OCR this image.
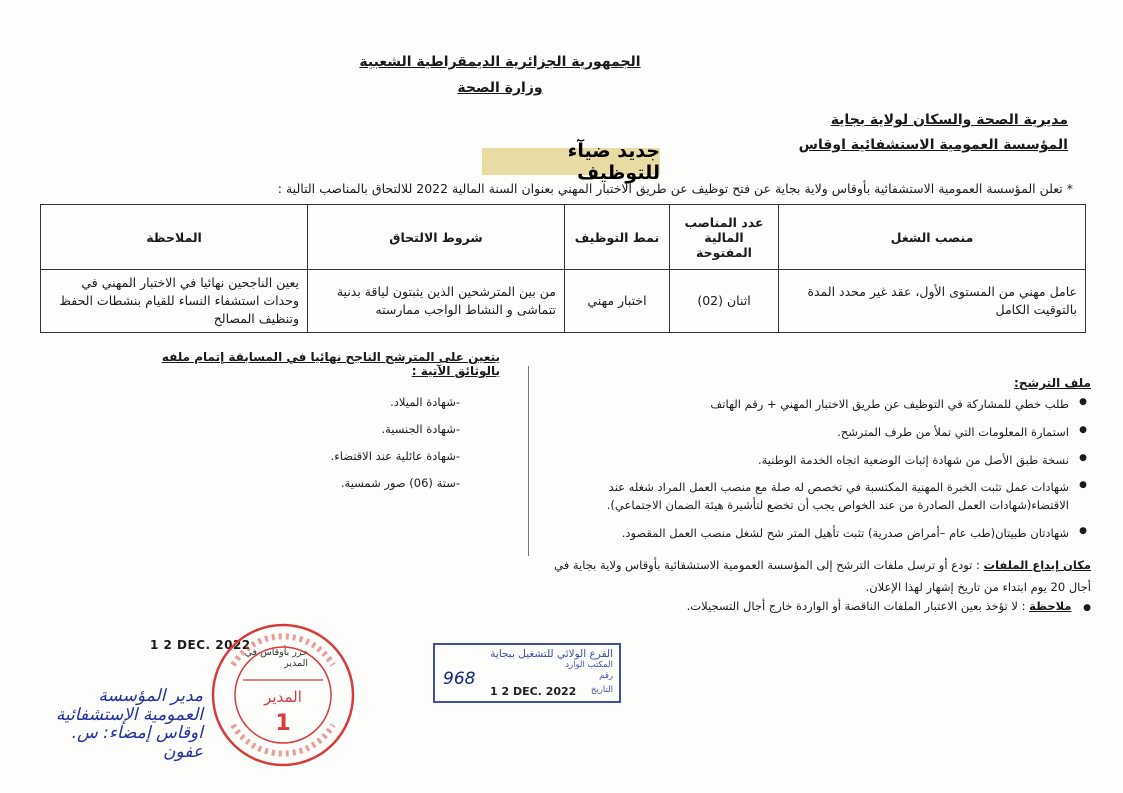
الجمهورية الجزائرية الديمقراطية الشعبية
وزارة الصحة
مديرية الصحة والسكان لولاية بجاية
المؤسسة العمومية الاستشفائية اوقاس
جديد ضيآء للتوظيف
* تعلن المؤسسة العمومية الاستشفائية بأوقاس ولاية بجاية عن فتح توظيف عن طريق الاختبار المهني بعنوان السنة المالية 2022 للالتحاق بالمناصب التالية :
منصب الشغل	عدد المناصب المالية المفتوحة	نمط التوظيف	شروط الالتحاق	الملاحظة
عامل مهني من المستوى الأول، عقد غير محدد المدة بالتوقيت الكامل	اثنان (02)	اختبار مهني	من بين المترشحين الذين يثبتون لياقة بدنية تتماشى و النشاط الواجب ممارسته	يعين الناجحين نهائيا في الاختبار المهني في وحدات استشفاء النساء للقيام بنشطات الحفظ وتنظيف المصالح
يتعين على المترشح الناجح نهائيا في المسابقة إتمام ملفه بالوثائق الآتية :
-شهادة الميلاد.
-شهادة الجنسية.
-شهادة عائلية عند الاقتضاء.
-ستة (06) صور شمسية.
ملف الترشح:
● طلب خطي للمشاركة في التوظيف عن طريق الاختبار المهني + رقم الهاتف
● استمارة المعلومات التي تملأ من طرف المترشح.
● نسخة طبق الأصل من شهادة إثبات الوضعية اتجاه الخدمة الوطنية.
● شهادات عمل تثبت الخبرة المهنية المكتسبة في تخصص له صلة مع منصب العمل المراد شغله عند الاقتضاء(شهادات العمل الصادرة من عند الخواص يجب أن تخضع لتأشيرة هيئة الضمان الاجتماعي).
● شهادتان طبيتان(طب عام –أمراض صدرية) تثبت تأهيل المتر شح لشغل منصب العمل المقصود.
مكان إيداع الملفات : تودع أو ترسل ملفات الترشح إلى المؤسسة العمومية الاستشفائية بأوقاس ولاية بجاية في أجال 20 يوم ابتداء من تاريخ إشهار لهذا الإعلان.
● ملاحظة : لا تؤخذ بعين الاعتبار الملفات الناقصة أو الواردة خارج أجال التسجيلات.
1 2 DEC. 2022
حرر بأوقاس في
المدير
مدير المؤسسة العمومية الإستشفائية اوقاس إمضاء: س. عفون
المدير
1
الفرع الولائي للتشغيل ببجاية
المكتب الوارد
رقم
968
التاريخ
1 2 DEC. 2022
